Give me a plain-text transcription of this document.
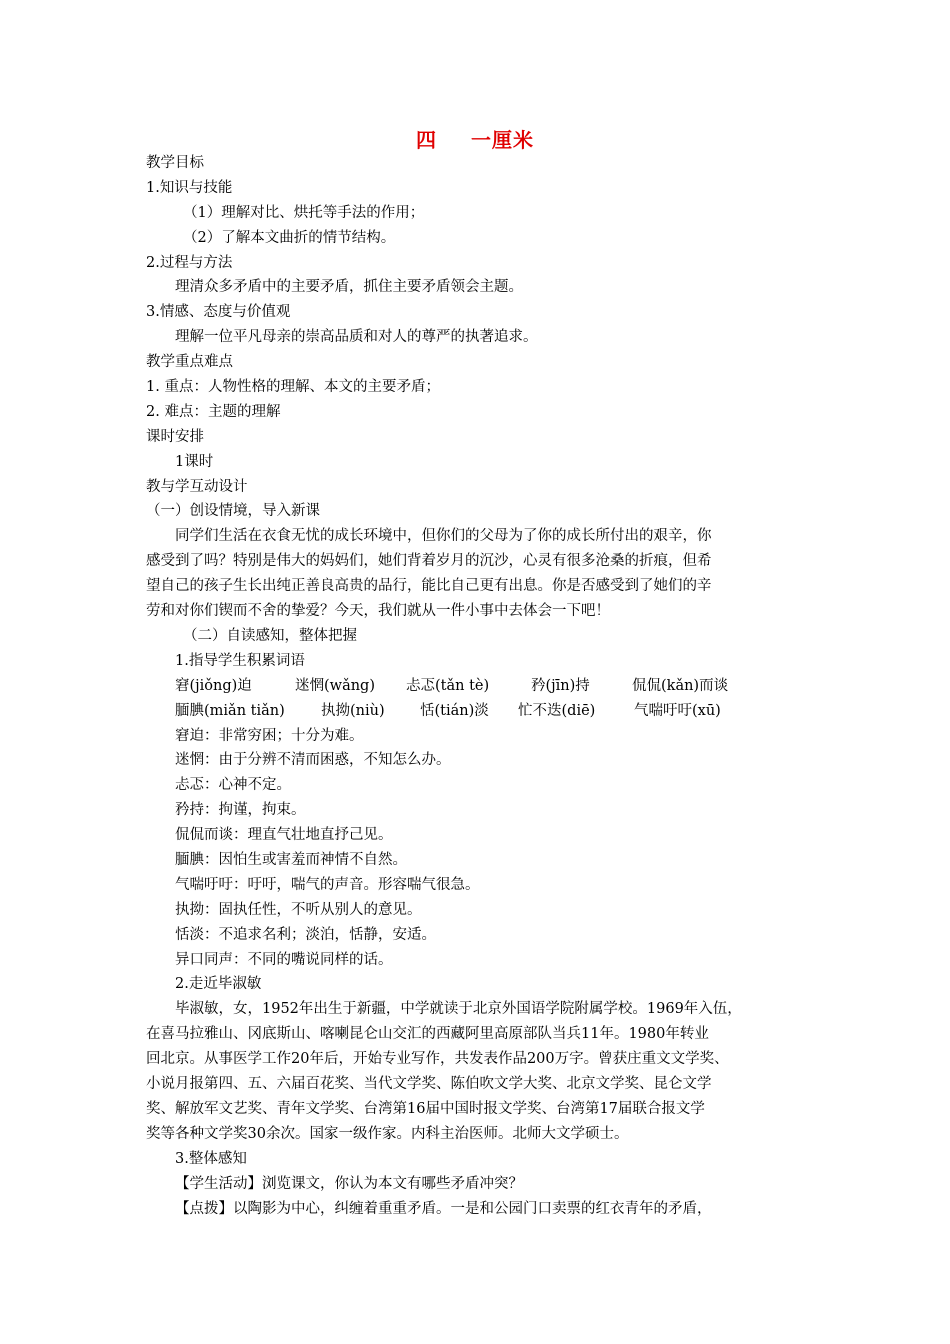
四 一厘米
教学目标
1.知识与技能
（1）理解对比、烘托等手法的作用；
（2）了解本文曲折的情节结构。
2.过程与方法
理清众多矛盾中的主要矛盾，抓住主要矛盾领会主题。
3.情感、态度与价值观
理解一位平凡母亲的崇高品质和对人的尊严的执著追求。
教学重点难点
1. 重点：人物性格的理解、本文的主要矛盾；
2. 难点：主题的理解
课时安排
1课时
教与学互动设计
（一）创设情境，导入新课
同学们生活在衣食无忧的成长环境中，但你们的父母为了你的成长所付出的艰辛，你
感受到了吗？特别是伟大的妈妈们，她们背着岁月的沉沙，心灵有很多沧桑的折痕，但希
望自己的孩子生长出纯正善良高贵的品行，能比自己更有出息。你是否感受到了她们的辛
劳和对你们锲而不舍的挚爱？今天，我们就从一件小事中去体会一下吧！
（二）自读感知，整体把握
1.指导学生积累词语
窘(jiǒng)迫	迷惘(wǎng) 忐忑(tǎn tè)	矜(jīn)持	侃侃(kǎn)而谈
腼腆(miǎn tiǎn)	执拗(niù) 恬(tián)淡 忙不迭(diē)	气喘吁吁(xū)
窘迫：非常穷困；十分为难。
迷惘：由于分辨不清而困惑，不知怎么办。
忐忑：心神不定。
矜持：拘谨，拘束。
侃侃而谈：理直气壮地直抒己见。
腼腆：因怕生或害羞而神情不自然。
气喘吁吁：吁吁，喘气的声音。形容喘气很急。
执拗：固执任性，不听从别人的意见。
恬淡：不追求名利；淡泊，恬静，安适。
异口同声：不同的嘴说同样的话。
2.走近毕淑敏
毕淑敏，女，1952年出生于新疆，中学就读于北京外国语学院附属学校。1969年入伍，
在喜马拉雅山、冈底斯山、喀喇昆仑山交汇的西藏阿里高原部队当兵11年。1980年转业
回北京。从事医学工作20年后，开始专业写作，共发表作品200万字。曾获庄重文文学奖、
小说月报第四、五、六届百花奖、当代文学奖、陈伯吹文学大奖、北京文学奖、昆仑文学
奖、解放军文艺奖、青年文学奖、台湾第16届中国时报文学奖、台湾第17届联合报文学
奖等各种文学奖30余次。国家一级作家。内科主治医师。北师大文学硕士。
3.整体感知
【学生活动】浏览课文，你认为本文有哪些矛盾冲突？
【点拨】以陶影为中心，纠缠着重重矛盾。一是和公园门口卖票的红衣青年的矛盾，
